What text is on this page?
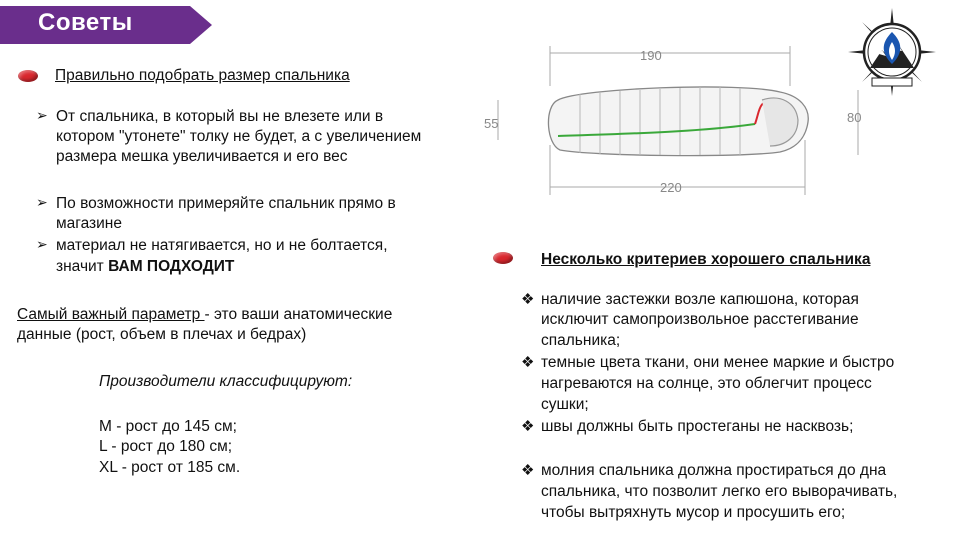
Советы
Правильно подобрать размер спальника
➢ От спальника, в который вы не влезете или в
котором "утонете" толку не будет, а с увеличением
размера мешка увеличивается и его вес
➢ По возможности примеряйте спальник прямо в
магазине
➢ материал не натягивается, но и не болтается,
значит ВАМ ПОДХОДИТ
Самый важный параметр - это ваши анатомические
данные (рост, объем в плечах и бедрах)
Производители классифицируют:
M - рост до 145 см;
L - рост до 180 см;
XL - рост от 185 см.
190
55	80
220
Несколько критериев хорошего спальника
❖ наличие застежки возле капюшона, которая
исключит самопроизвольное расстегивание
спальника;
❖ темные цвета ткани, они менее маркие и быстро
нагреваются на солнце, это облегчит процесс
сушки;
❖ швы должны быть простеганы не насквозь;
❖ молния спальника должна простираться до дна
спальника, что позволит легко его выворачивать,
чтобы вытряхнуть мусор и просушить его;
